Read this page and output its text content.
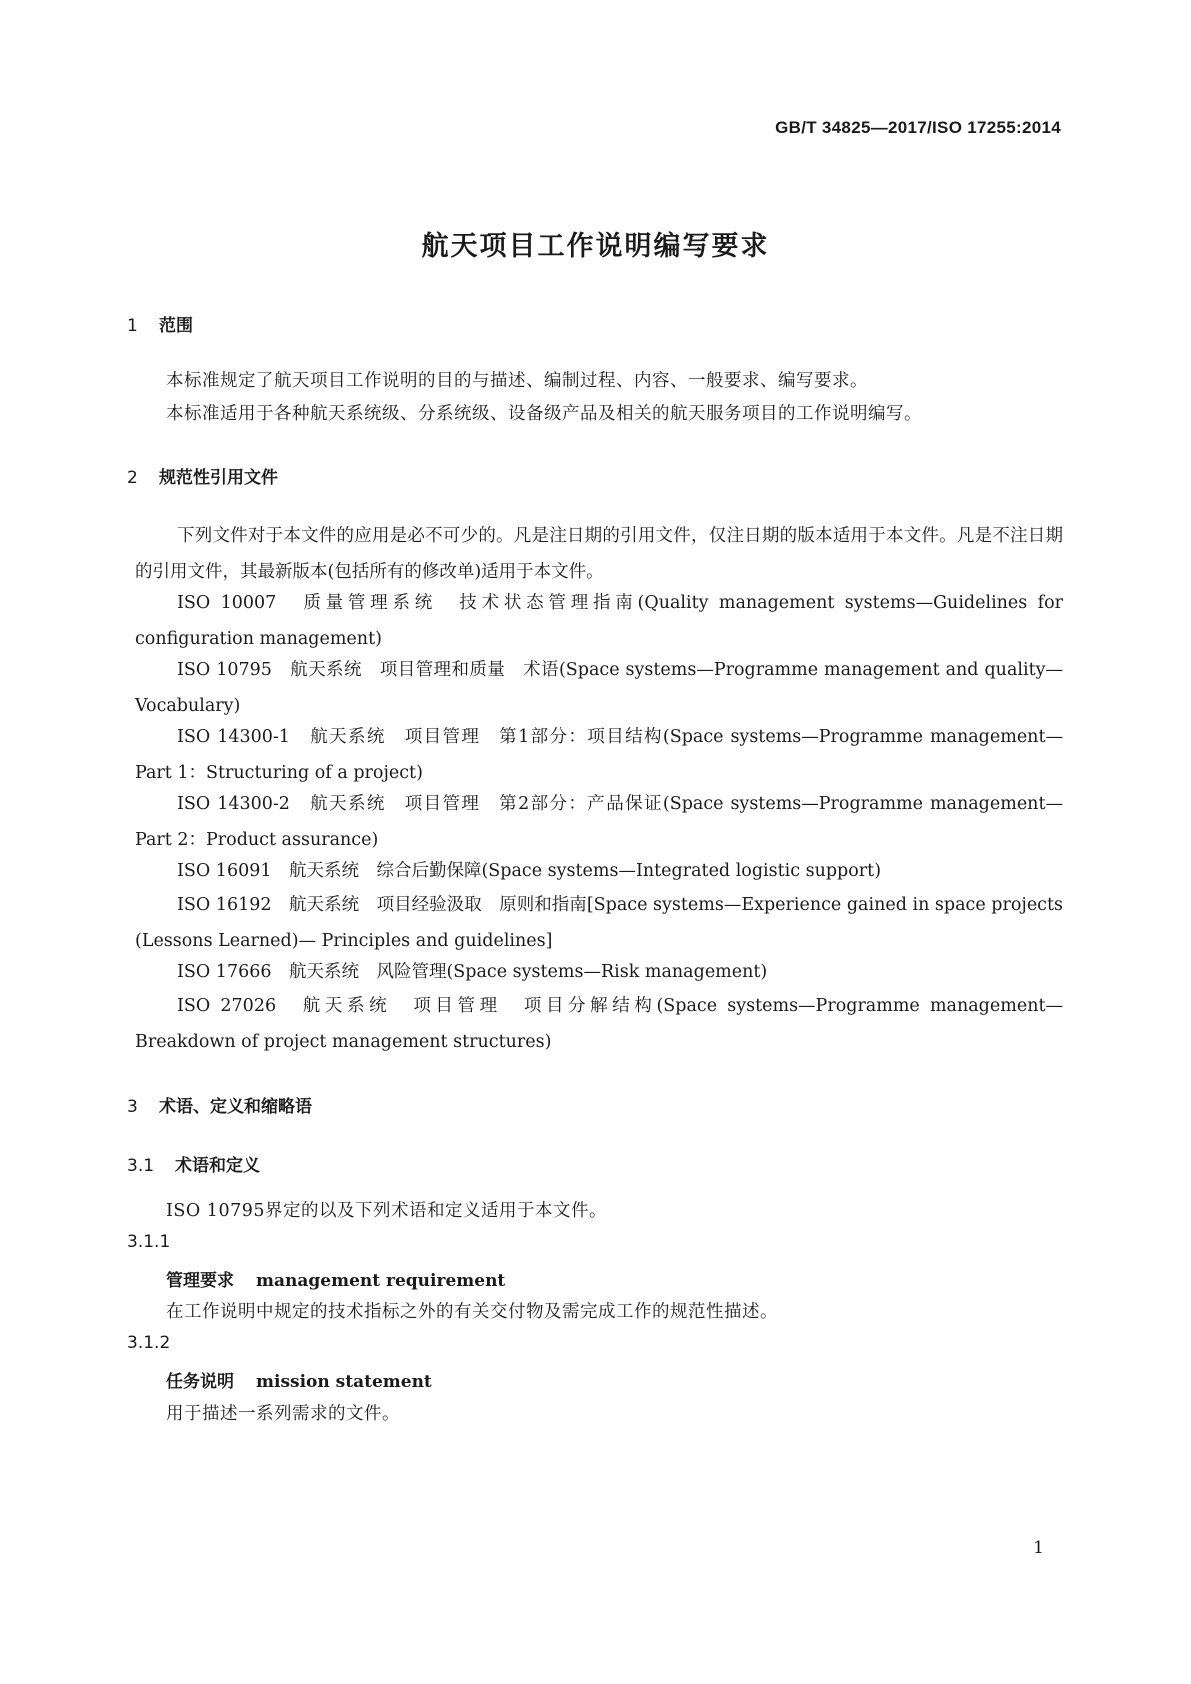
GB/T 34825—2017/ISO 17255:2014
航天项目工作说明编写要求
1 范围
本标准规定了航天项目工作说明的目的与描述、编制过程、内容、一般要求、编写要求。
本标准适用于各种航天系统级、分系统级、设备级产品及相关的航天服务项目的工作说明编写。
2 规范性引用文件
下列文件对于本文件的应用是必不可少的。凡是注日期的引用文件，仅注日期的版本适用于本文件。凡是不注日期的引用文件，其最新版本(包括所有的修改单)适用于本文件。
ISO 10007　质量管理系统　技术状态管理指南(Quality management systems—Guidelines for configuration management)
ISO 10795　航天系统　项目管理和质量　术语(Space systems—Programme management and quality—Vocabulary)
ISO 14300-1　航天系统　项目管理　第1部分：项目结构(Space systems—Programme management—Part 1：Structuring of a project)
ISO 14300-2　航天系统　项目管理　第2部分：产品保证(Space systems—Programme management—Part 2：Product assurance)
ISO 16091　航天系统　综合后勤保障(Space systems—Integrated logistic support)
ISO 16192　航天系统　项目经验汲取　原则和指南[Space systems—Experience gained in space projects (Lessons Learned)— Principles and guidelines]
ISO 17666　航天系统　风险管理(Space systems—Risk management)
ISO 27026　航天系统　项目管理　项目分解结构(Space systems—Programme management—Breakdown of project management structures)
3 术语、定义和缩略语
3.1 术语和定义
ISO 10795界定的以及下列术语和定义适用于本文件。
3.1.1
管理要求 management requirement
在工作说明中规定的技术指标之外的有关交付物及需完成工作的规范性描述。
3.1.2
任务说明 mission statement
用于描述一系列需求的文件。
1
